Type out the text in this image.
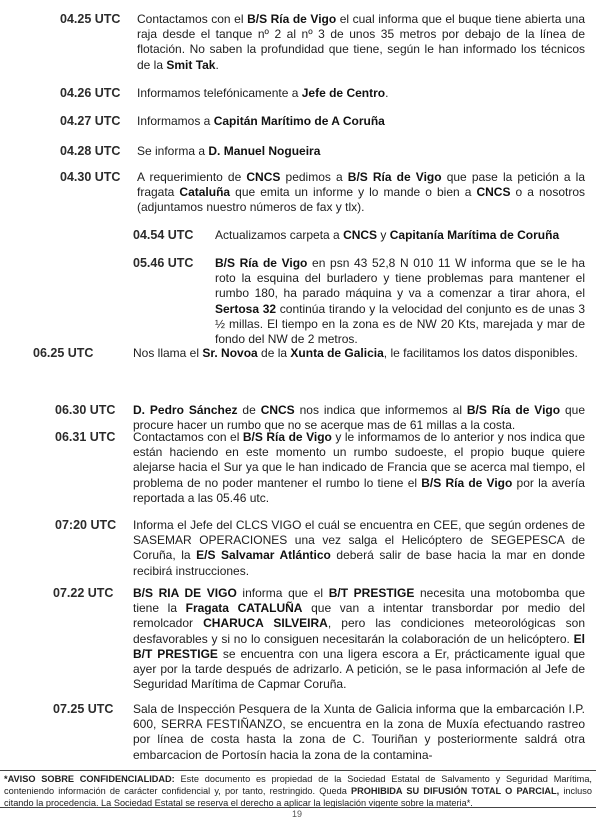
04.25 UTC Contactamos con el B/S Ría de Vigo el cual informa que el buque tiene abierta una raja desde el tanque nº 2 al nº 3 de unos 35 metros por debajo de la línea de flotación. No saben la profundidad que tiene, según le han informado los técnicos de la Smit Tak.
04.26 UTC Informamos telefónicamente a Jefe de Centro.
04.27 UTC Informamos a Capitán Marítimo de A Coruña
04.28 UTC Se informa a D. Manuel Nogueira
04.30 UTC A requerimiento de CNCS pedimos a B/S Ría de Vigo que pase la petición a la fragata Cataluña que emita un informe y lo mande o bien a CNCS o a nosotros (adjuntamos nuestro números de fax y tlx).
04.54 UTC Actualizamos carpeta a CNCS y Capitanía Marítima de Coruña
05.46 UTC B/S Ría de Vigo en psn 43 52,8 N 010 11 W informa que se le ha roto la esquina del burladero y tiene problemas para mantener el rumbo 180, ha parado máquina y va a comenzar a tirar ahora, el Sertosa 32 continúa tirando y la velocidad del conjunto es de unas 3 ½ millas. El tiempo en la zona es de NW 20 Kts, marejada y mar de fondo del NW de 2 metros.
06.25 UTC	Nos llama el Sr. Novoa de la Xunta de Galicia, le facilitamos los datos disponibles.
06.30 UTC D. Pedro Sánchez de CNCS nos indica que informemos al B/S Ría de Vigo que procure hacer un rumbo que no se acerque mas de 61 millas a la costa.
06.31 UTC Contactamos con el B/S Ría de Vigo y le informamos de lo anterior y nos indica que están haciendo en este momento un rumbo sudoeste, el propio buque quiere alejarse hacia el Sur ya que le han indicado de Francia que se acerca mal tiempo, el problema de no poder mantener el rumbo lo tiene el B/S Ría de Vigo por la avería reportada a las 05.46 utc.
07:20 UTC Informa el Jefe del CLCS VIGO el cuál se encuentra en CEE, que según ordenes de SASEMAR OPERACIONES una vez salga el Helicóptero de SEGEPESCA de Coruña, la E/S Salvamar Atlántico deberá salir de base hacia la mar en donde recibirá instrucciones.
07.22 UTC B/S RIA DE VIGO informa que el B/T PRESTIGE necesita una motobomba que tiene la Fragata CATALUÑA que van a intentar transbordar por medio del remolcador CHARUCA SILVEIRA, pero las condiciones meteorológicas son desfavorables y si no lo consiguen necesitarán la colaboración de un helicóptero. El B/T PRESTIGE se encuentra con una ligera escora a Er, prácticamente igual que ayer por la tarde después de adrizarlo. A petición, se le pasa información al Jefe de Seguridad Marítima de Capmar Coruña.
07.25 UTC Sala de Inspección Pesquera de la Xunta de Galicia informa que la embarcación I.P. 600, SERRA FESTIÑANZO, se encuentra en la zona de Muxía efectuando rastreo por línea de costa hasta la zona de C. Touriñan y posteriormente saldrá otra embarcacion de Portosín hacia la zona de la contamina-
*AVISO SOBRE CONFIDENCIALIDAD: Este documento es propiedad de la Sociedad Estatal de Salvamento y Seguridad Marítima, conteniendo información de carácter confidencial y, por tanto, restringido. Queda PROHIBIDA SU DIFUSIÓN TOTAL O PARCIAL, incluso citando la procedencia. La Sociedad Estatal se reserva el derecho a aplicar la legislación vigente sobre la materia*.
19
